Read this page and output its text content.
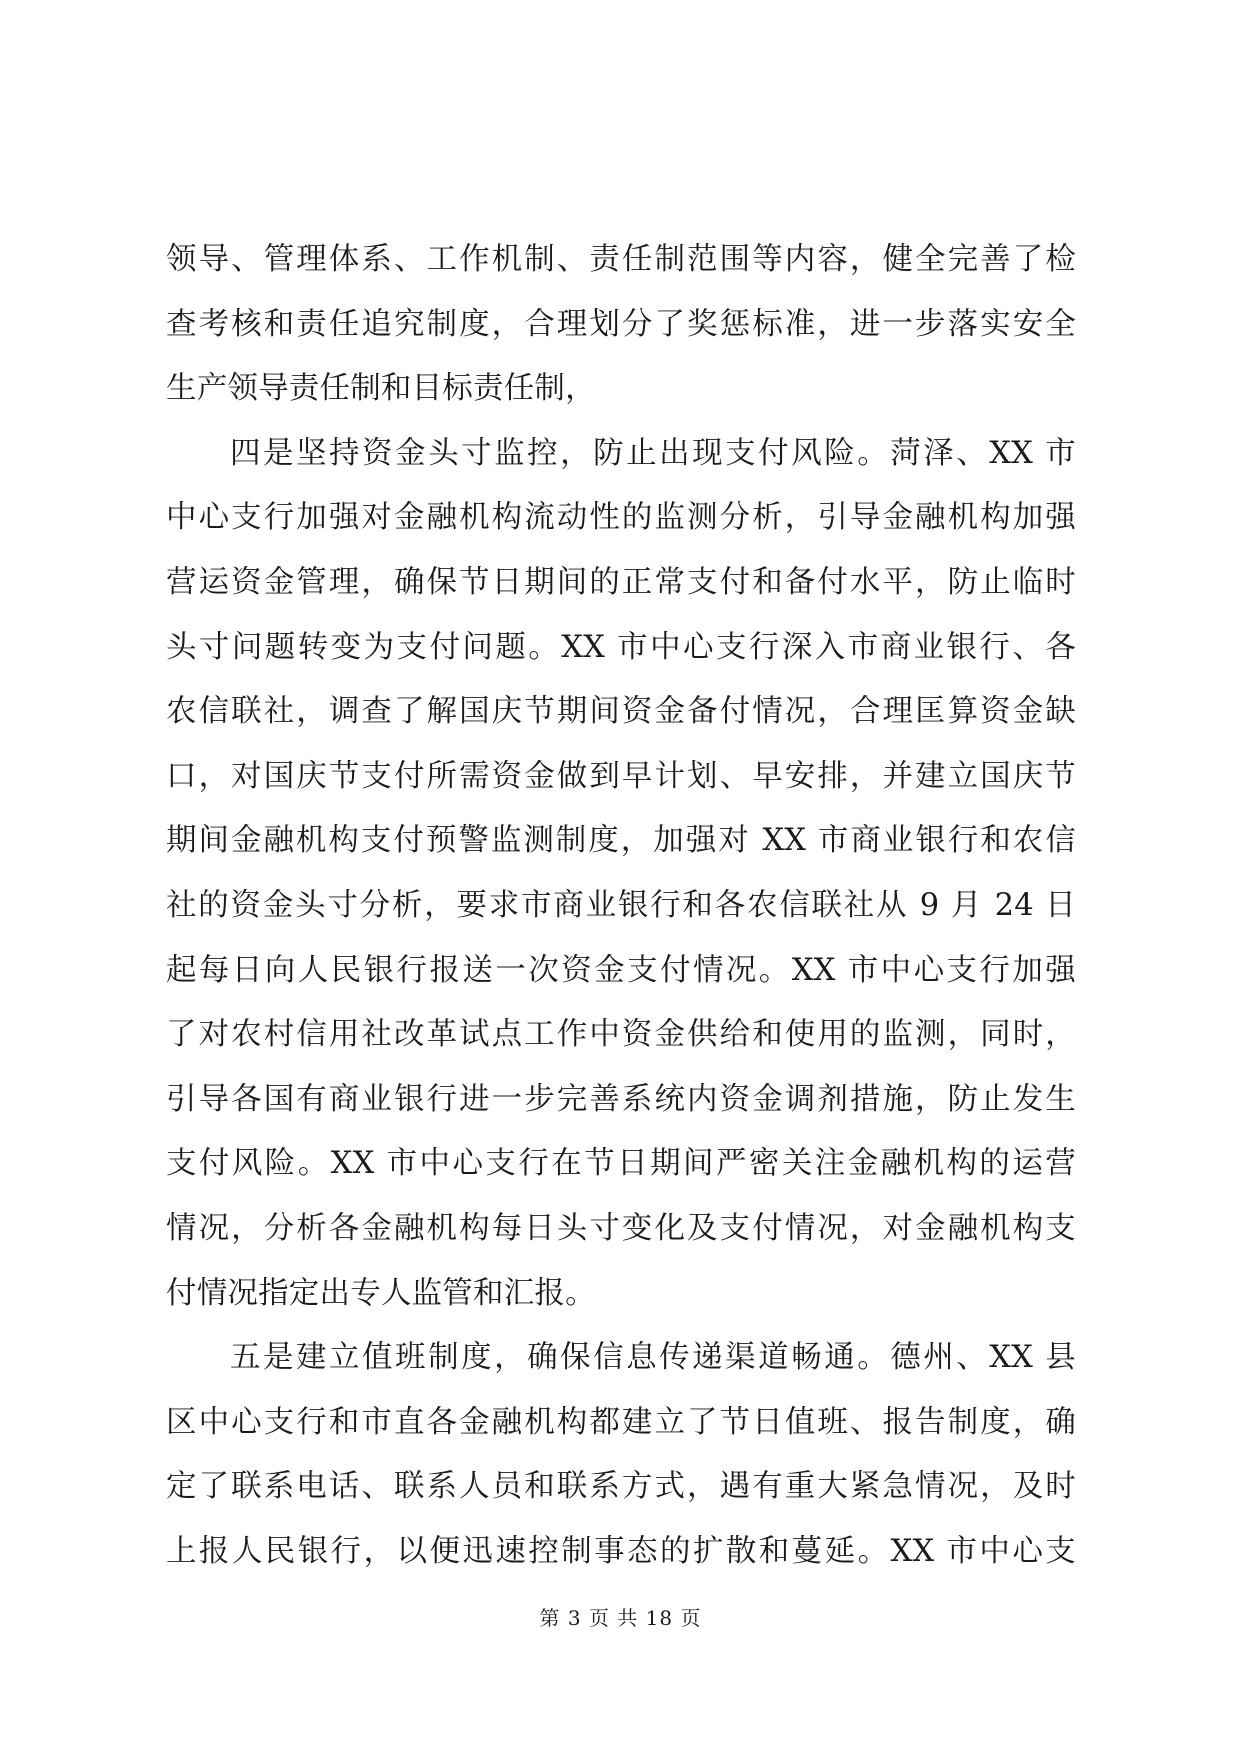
领导、管理体系、工作机制、责任制范围等内容，健全完善了检
查考核和责任追究制度，合理划分了奖惩标准，进一步落实安全
生产领导责任制和目标责任制，
四是坚持资金头寸监控，防止出现支付风险。菏泽、XX 市
中心支行加强对金融机构流动性的监测分析，引导金融机构加强
营运资金管理，确保节日期间的正常支付和备付水平，防止临时
头寸问题转变为支付问题。XX 市中心支行深入市商业银行、各
农信联社，调查了解国庆节期间资金备付情况，合理匡算资金缺
口，对国庆节支付所需资金做到早计划、早安排，并建立国庆节
期间金融机构支付预警监测制度，加强对 XX 市商业银行和农信
社的资金头寸分析，要求市商业银行和各农信联社从 9 月 24 日
起每日向人民银行报送一次资金支付情况。XX 市中心支行加强
了对农村信用社改革试点工作中资金供给和使用的监测，同时，
引导各国有商业银行进一步完善系统内资金调剂措施，防止发生
支付风险。XX 市中心支行在节日期间严密关注金融机构的运营
情况，分析各金融机构每日头寸变化及支付情况，对金融机构支
付情况指定出专人监管和汇报。
五是建立值班制度，确保信息传递渠道畅通。德州、XX 县
区中心支行和市直各金融机构都建立了节日值班、报告制度，确
定了联系电话、联系人员和联系方式，遇有重大紧急情况，及时
上报人民银行，以便迅速控制事态的扩散和蔓延。XX 市中心支
第 3 页 共 18 页
